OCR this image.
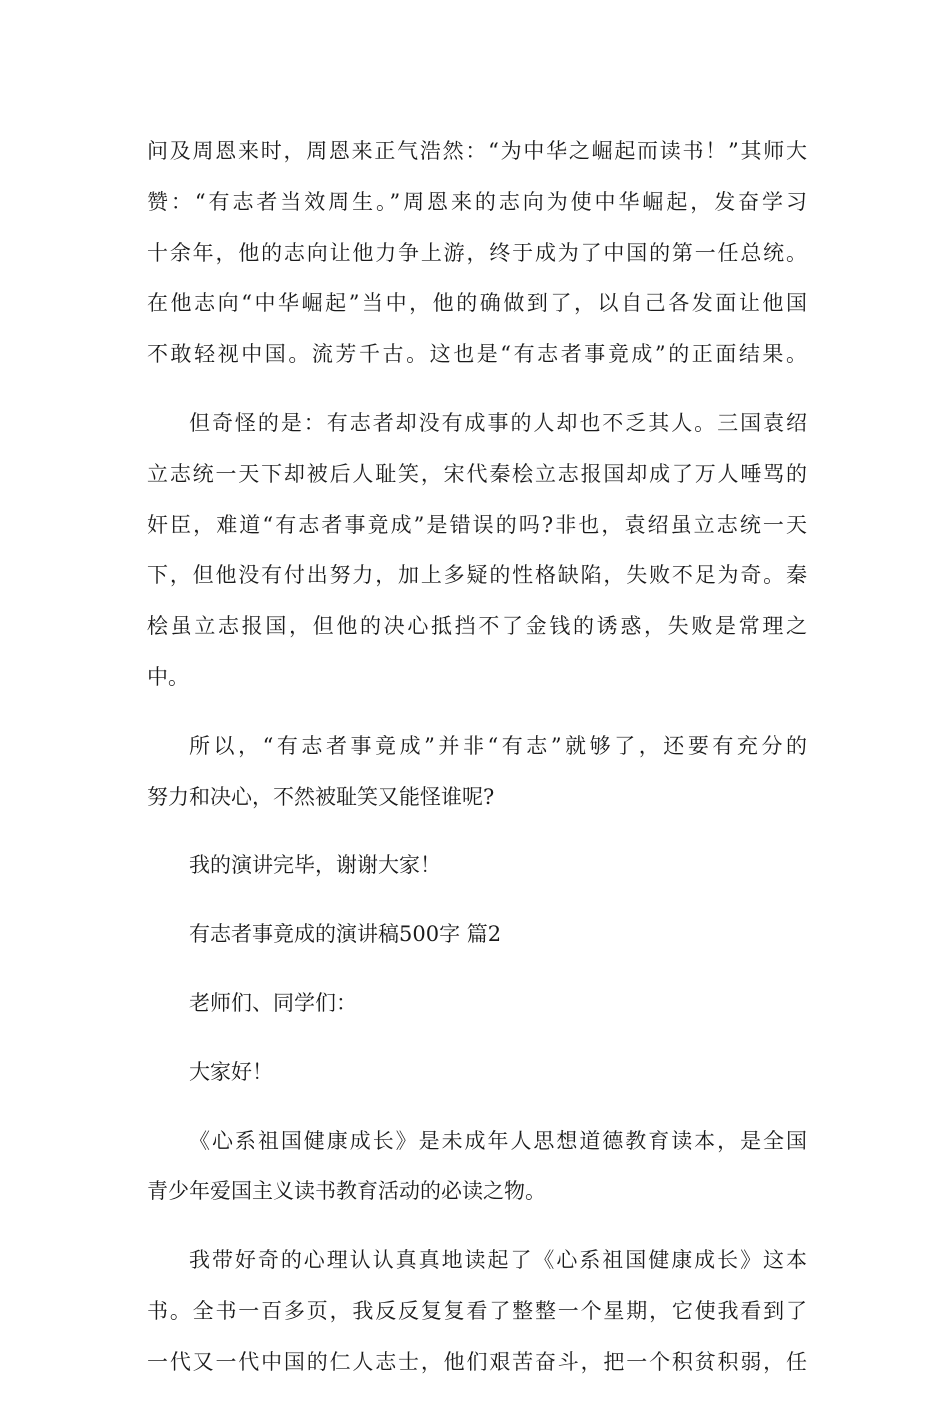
问及周恩来时，周恩来正气浩然：“为中华之崛起而读书！”其师大
赞：“有志者当效周生。”周恩来的志向为使中华崛起，发奋学习
十余年，他的志向让他力争上游，终于成为了中国的第一任总统。
在他志向“中华崛起”当中，他的确做到了，以自己各发面让他国
不敢轻视中国。流芳千古。这也是“有志者事竟成”的正面结果。
但奇怪的是：有志者却没有成事的人却也不乏其人。三国袁绍
立志统一天下却被后人耻笑，宋代秦桧立志报国却成了万人唾骂的
奸臣，难道“有志者事竟成”是错误的吗?非也，袁绍虽立志统一天
下，但他没有付出努力，加上多疑的性格缺陷，失败不足为奇。秦
桧虽立志报国，但他的决心抵挡不了金钱的诱惑，失败是常理之
中。
所以，“有志者事竟成”并非“有志”就够了，还要有充分的
努力和决心，不然被耻笑又能怪谁呢?
我的演讲完毕，谢谢大家！
有志者事竟成的演讲稿500字 篇2
老师们、同学们：
大家好！
《心系祖国健康成长》是未成年人思想道德教育读本，是全国
青少年爱国主义读书教育活动的必读之物。
我带好奇的心理认认真真地读起了《心系祖国健康成长》这本
书。全书一百多页，我反反复复看了整整一个星期，它使我看到了
一代又一代中国的仁人志士，他们艰苦奋斗，把一个积贫积弱，任
